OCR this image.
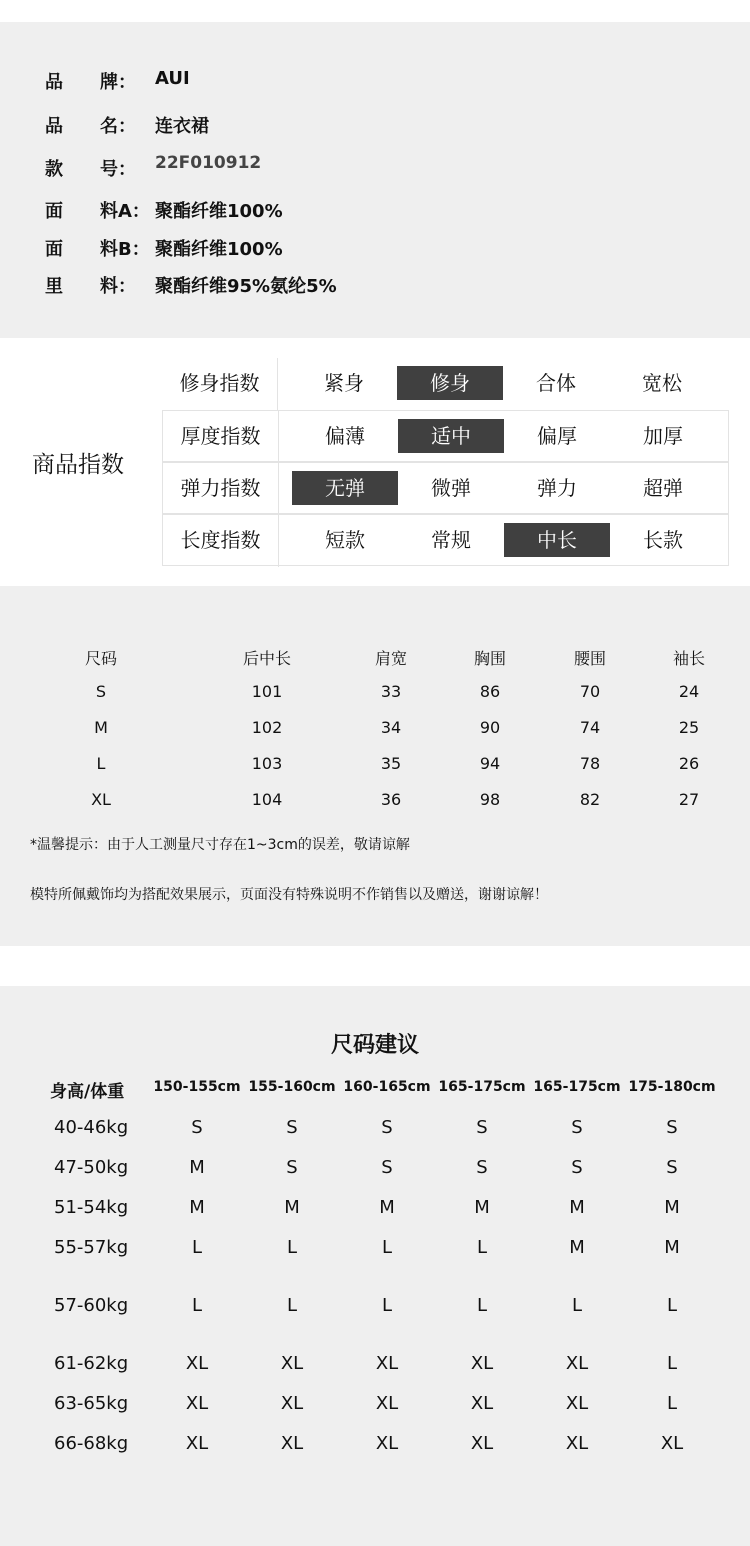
品 牌： AUI
品 名： 连衣裙
款 号： 22F010912
面 料A： 聚酯纤维100%
面 料B： 聚酯纤维100%
里 料： 聚酯纤维95%氨纶5%
商品指数
修身指数	紧身	修身	合体	宽松
厚度指数	偏薄	适中	偏厚	加厚
弹力指数	无弹	微弹	弹力	超弹
长度指数	短款	常规	中长	长款
尺码	后中长	肩宽	胸围	腰围	袖长
S	101	33	86	70	24
M	102	34	90	74	25
L	103	35	94	78	26
XL	104	36	98	82	27
*温馨提示：由于人工测量尺寸存在1~3cm的误差，敬请谅解
模特所佩戴饰均为搭配效果展示，页面没有特殊说明不作销售以及赠送，谢谢谅解！
尺码建议
身高/体重	150-155cm 155-160cm 160-165cm 165-175cm 165-175cm 175-180cm
40-46kg	S	S	S	S	S	S
47-50kg	M	S	S	S	S	S
51-54kg	M	M	M	M	M	M
55-57kg	L	L	L	L	M	M
57-60kg	L	L	L	L	L	L
61-62kg	XL	XL	XL	XL	XL	L
63-65kg	XL	XL	XL	XL	XL	L
66-68kg	XL	XL	XL	XL	XL	XL
